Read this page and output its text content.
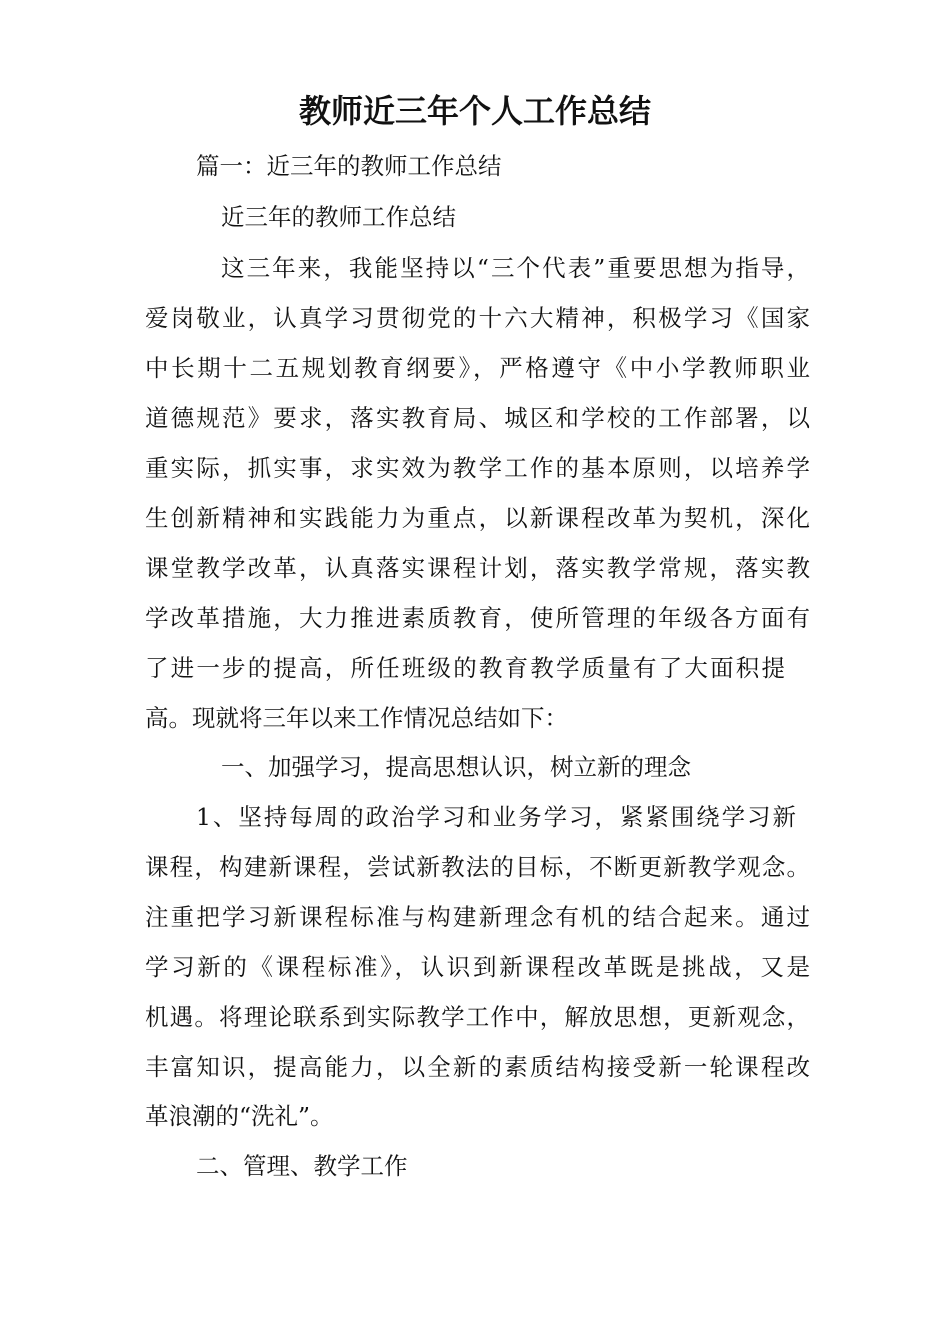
教师近三年个人工作总结
篇一：近三年的教师工作总结
近三年的教师工作总结
这三年来，我能坚持以“三个代表”重要思想为指导，
爱岗敬业，认真学习贯彻党的十六大精神，积极学习《国家
中长期十二五规划教育纲要》，严格遵守《中小学教师职业
道德规范》要求，落实教育局、城区和学校的工作部署，以
重实际，抓实事，求实效为教学工作的基本原则，以培养学
生创新精神和实践能力为重点，以新课程改革为契机，深化
课堂教学改革，认真落实课程计划，落实教学常规，落实教
学改革措施，大力推进素质教育，使所管理的年级各方面有
了进一步的提高，所任班级的教育教学质量有了大面积提
高。现就将三年以来工作情况总结如下：
一、加强学习，提高思想认识，树立新的理念
1、坚持每周的政治学习和业务学习，紧紧围绕学习新
课程，构建新课程，尝试新教法的目标，不断更新教学观念。
注重把学习新课程标准与构建新理念有机的结合起来。通过
学习新的《课程标准》，认识到新课程改革既是挑战，又是
机遇。将理论联系到实际教学工作中，解放思想，更新观念，
丰富知识，提高能力，以全新的素质结构接受新一轮课程改
革浪潮的“洗礼”。
二、管理、教学工作
